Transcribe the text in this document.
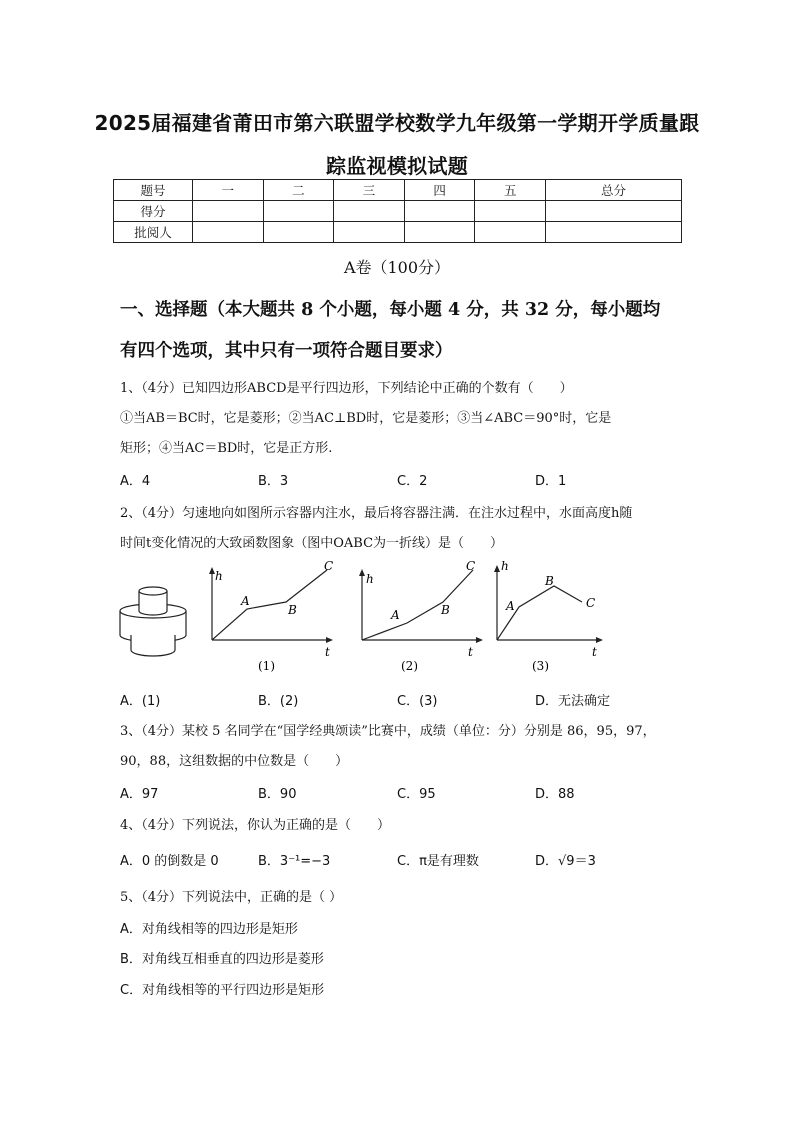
2025届福建省莆田市第六联盟学校数学九年级第一学期开学质量跟
踪监视模拟试题
题号	一	二	三	四	五	总分
得分						
批阅人						
A卷（100分）
一、选择题（本大题共 8 个小题，每小题 4 分，共 32 分，每小题均
有四个选项，其中只有一项符合题目要求）
1、（4分）已知四边形ABCD是平行四边形，下列结论中正确的个数有（　　）
①当AB＝BC时，它是菱形；②当AC⊥BD时，它是菱形；③当∠ABC＝90°时，它是
矩形；④当AC＝BD时，它是正方形.
A．4	B．3	C．2	D．1
2、（4分）匀速地向如图所示容器内注水，最后将容器注满．在注水过程中，水面高度h随
时间t变化情况的大致函数图象（图中OABC为一折线）是（　　）
h
t
A
B
C
(1)
h
t
A	B
C
(2)
h
t
A
B
C
(3)
A．(1)	B．(2)	C．(3)	D．无法确定
3、（4分）某校 5 名同学在“国学经典颂读”比赛中，成绩（单位：分）分别是 86，95，97，
90，88，这组数据的中位数是（　　）
A．97	B．90	C．95	D．88
4、（4分）下列说法，你认为正确的是（　　）
A．0 的倒数是 0	B．3⁻¹=−3	C．π是有理数	D．√9＝3
5、（4分）下列说法中，正确的是（ ）
A．对角线相等的四边形是矩形
B．对角线互相垂直的四边形是菱形
C．对角线相等的平行四边形是矩形
